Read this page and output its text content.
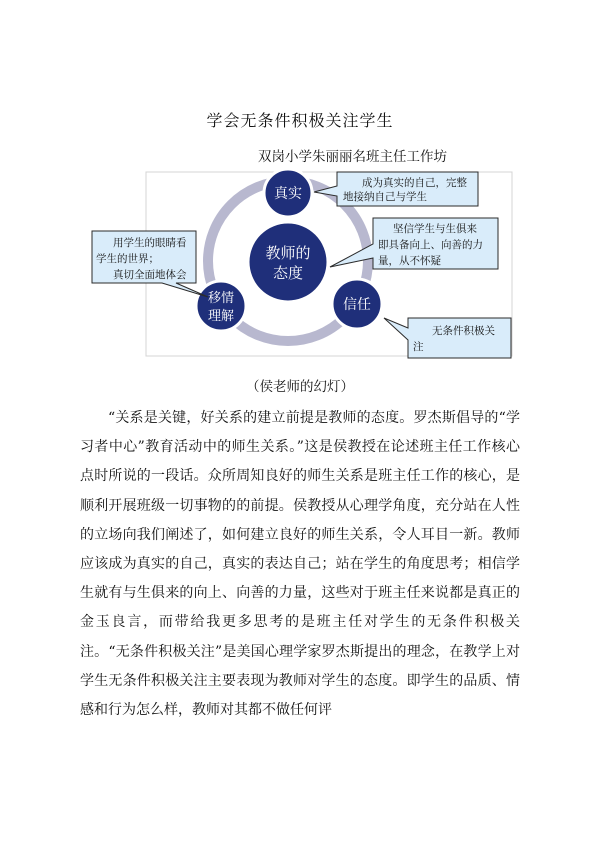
学会无条件积极关注学生
双岗小学朱丽丽名班主任工作坊
教师的
态度
真实
信任
移情
理解
成为真实的自己，完整
地接纳自己与学生
坚信学生与生俱来
即具备向上、向善的力
量，从不怀疑
用学生的眼睛看
学生的世界；
真切全面地体会
无条件积极关
注
（侯老师的幻灯）

“关系是关键，好关系的建立前提是教师的态度。罗杰斯倡导的“学习者中心”教育活动中的师生关系。”这是侯教授在论述班主任工作核心点时所说的一段话。众所周知良好的师生关系是班主任工作的核心，是顺利开展班级一切事物的的前提。侯教授从心理学角度，充分站在人性的立场向我们阐述了，如何建立良好的师生关系，令人耳目一新。教师应该成为真实的自己，真实的表达自己；站在学生的角度思考；相信学生就有与生俱来的向上、向善的力量，这些对于班主任来说都是真正的金玉良言，而带给我更多思考的是班主任对学生的无条件积极关注。“无条件积极关注”是美国心理学家罗杰斯提出的理念，在教学上对学生无条件积极关注主要表现为教师对学生的态度。即学生的品质、情感和行为怎么样，教师对其都不做任何评
